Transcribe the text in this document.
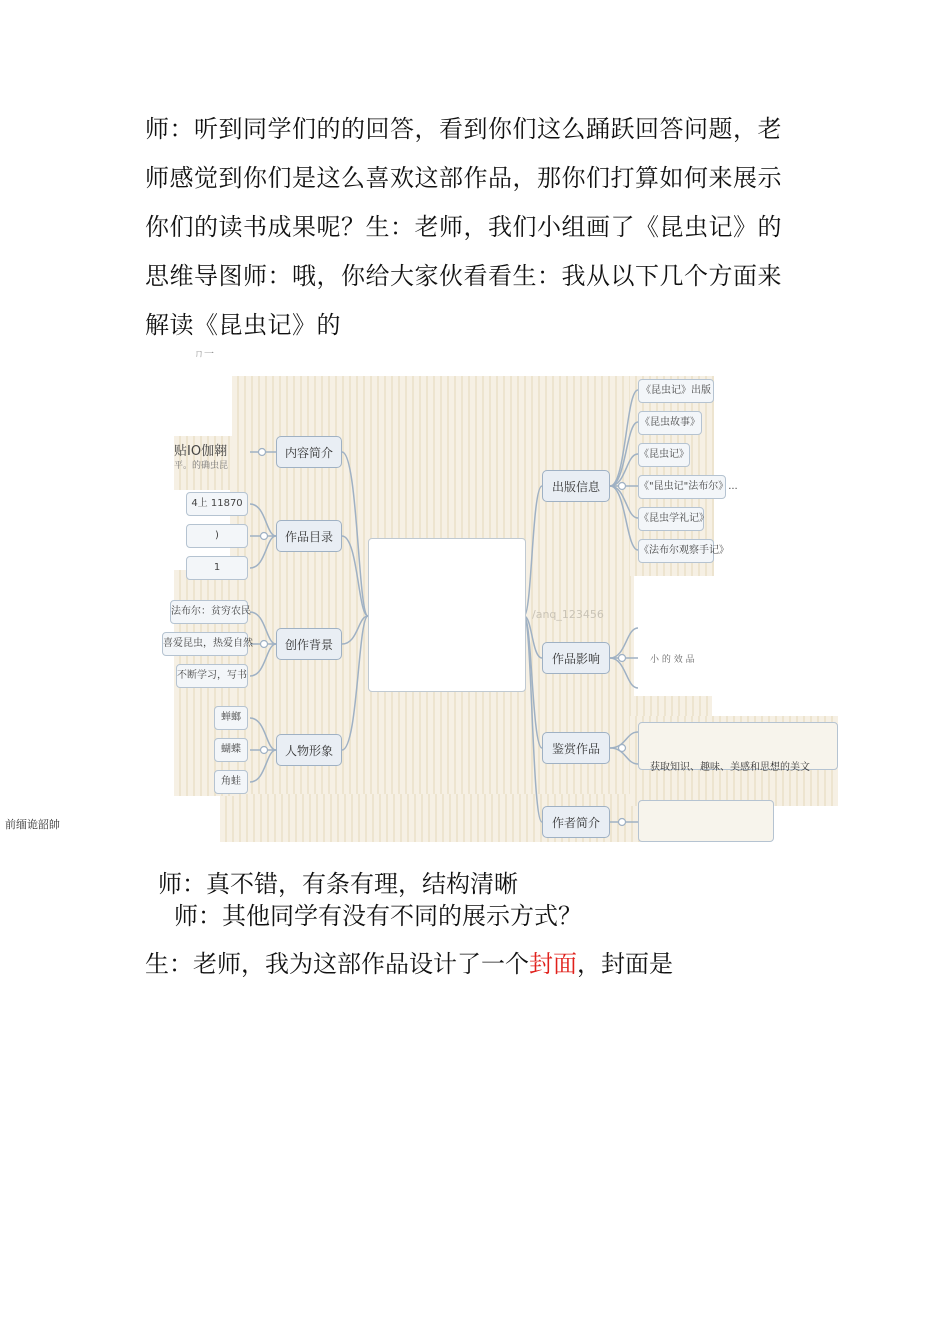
师：听到同学们的的回答，看到你们这么踊跃回答问题，老师感觉到你们是这么喜欢这部作品，那你们打算如何来展示你们的读书成果呢？生：老师，我们小组画了《昆虫记》的思维导图师：哦，你给大家伙看看生：我从以下几个方面来解读《昆虫记》的
ㄇ一
前缅诡韶帥
/anq_123456
内容简介
作品目录
创作背景
人物形象
贴IO伽翱
平。的确虫昆
4上 11870
)
1
法布尔：贫穷农民
喜爱昆虫，热爱自然
不断学习，写书
蝉螂
蝴蝶
角蛙
出版信息
作品影响
鉴赏作品
作者简介
《昆虫记》出版
《昆虫故事》
《昆虫记》
《"昆虫记"法布尔》...
《昆虫学礼记》
《法布尔观察手记》
小 的 效 品
获取知识、趣味、美感和思想的美文
师：真不错，有条有理，结构清晰
师：其他同学有没有不同的展示方式？
生：老师，我为这部作品设计了一个封面，封面是
